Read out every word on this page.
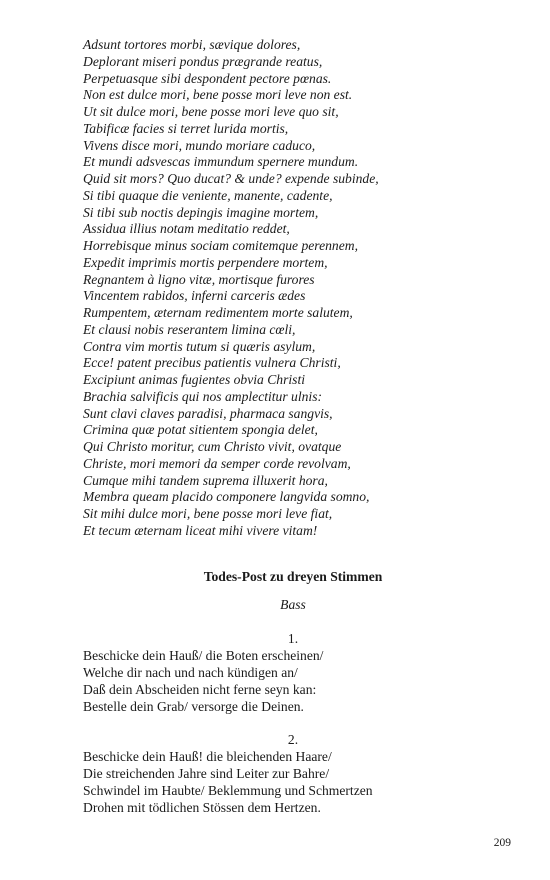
Adsunt tortores morbi, sævique dolores,
Deplorant miseri pondus prægrande reatus,
Perpetuasque sibi despondent pectore pœnas.
Non est dulce mori, bene posse mori leve non est.
Ut sit dulce mori, bene posse mori leve quo sit,
Tabificæ facies si terret lurida mortis,
Vivens disce mori, mundo moriare caduco,
Et mundi adsvescas immundum spernere mundum.
Quid sit mors? Quo ducat? & unde? expende subinde,
Si tibi quaque die veniente, manente, cadente,
Si tibi sub noctis depingis imagine mortem,
Assidua illius notam meditatio reddet,
Horrebisque minus sociam comitemque perennem,
Expedit imprimis mortis perpendere mortem,
Regnantem à ligno vitæ, mortisque furores
Vincentem rabidos, inferni carceris ædes
Rumpentem, æternam redimentem morte salutem,
Et clausi nobis reserantem limina cœli,
Contra vim mortis tutum si quæris asylum,
Ecce! patent precibus patientis vulnera Christi,
Excipiunt animas fugientes obvia Christi
Brachia salvificis qui nos amplectitur ulnis:
Sunt clavi claves paradisi, pharmaca sangvis,
Crimina quæ potat sitientem spongia delet,
Qui Christo moritur, cum Christo vivit, ovatque
Christe, mori memori da semper corde revolvam,
Cumque mihi tandem suprema illuxerit hora,
Membra queam placido componere langvida somno,
Sit mihi dulce mori, bene posse mori leve fiat,
Et tecum æternam liceat mihi vivere vitam!
Todes-Post zu dreyen Stimmen
Bass
1.
Beschicke dein Hauß/ die Boten erscheinen/
Welche dir nach und nach kündigen an/
Daß dein Abscheiden nicht ferne seyn kan:
Bestelle dein Grab/ versorge die Deinen.
2.
Beschicke dein Hauß! die bleichenden Haare/
Die streichenden Jahre sind Leiter zur Bahre/
Schwindel im Haubte/ Beklemmung und Schmertzen
Drohen mit tödlichen Stössen dem Hertzen.
209
